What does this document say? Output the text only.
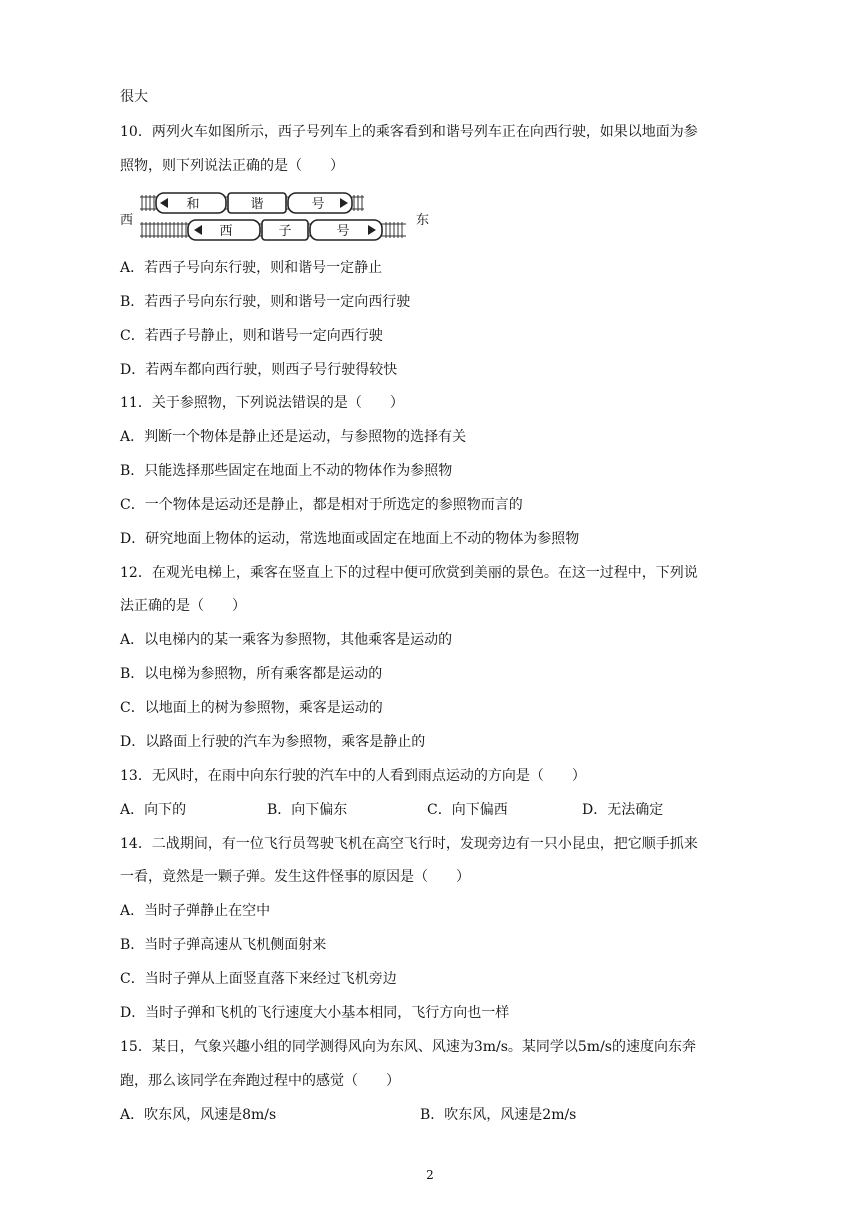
很大
10．两列火车如图所示，西子号列车上的乘客看到和谐号列车正在向西行驶，如果以地面为参
照物，则下列说法正确的是（　　）
西	东
和	谐	号
西	子	号
A．若西子号向东行驶，则和谐号一定静止
B．若西子号向东行驶，则和谐号一定向西行驶
C．若西子号静止，则和谐号一定向西行驶
D．若两车都向西行驶，则西子号行驶得较快
11．关于参照物，下列说法错误的是（　　）
A．判断一个物体是静止还是运动，与参照物的选择有关
B．只能选择那些固定在地面上不动的物体作为参照物
C．一个物体是运动还是静止，都是相对于所选定的参照物而言的
D．研究地面上物体的运动，常选地面或固定在地面上不动的物体为参照物
12．在观光电梯上，乘客在竖直上下的过程中便可欣赏到美丽的景色。在这一过程中，下列说
法正确的是（　　）
A．以电梯内的某一乘客为参照物，其他乘客是运动的
B．以电梯为参照物，所有乘客都是运动的
C．以地面上的树为参照物，乘客是运动的
D．以路面上行驶的汽车为参照物，乘客是静止的
13．无风时，在雨中向东行驶的汽车中的人看到雨点运动的方向是（　　）
A．向下的	B．向下偏东	C．向下偏西	D．无法确定
14．二战期间，有一位飞行员驾驶飞机在高空飞行时，发现旁边有一只小昆虫，把它顺手抓来
一看，竟然是一颗子弹。发生这件怪事的原因是（　　）
A．当时子弹静止在空中
B．当时子弹高速从飞机侧面射来
C．当时子弹从上面竖直落下来经过飞机旁边
D．当时子弹和飞机的飞行速度大小基本相同，飞行方向也一样
15．某日，气象兴趣小组的同学测得风向为东风、风速为3m/s。某同学以5m/s的速度向东奔
跑，那么该同学在奔跑过程中的感觉（　　）
A．吹东风，风速是8m/s	B．吹东风，风速是2m/s
2
